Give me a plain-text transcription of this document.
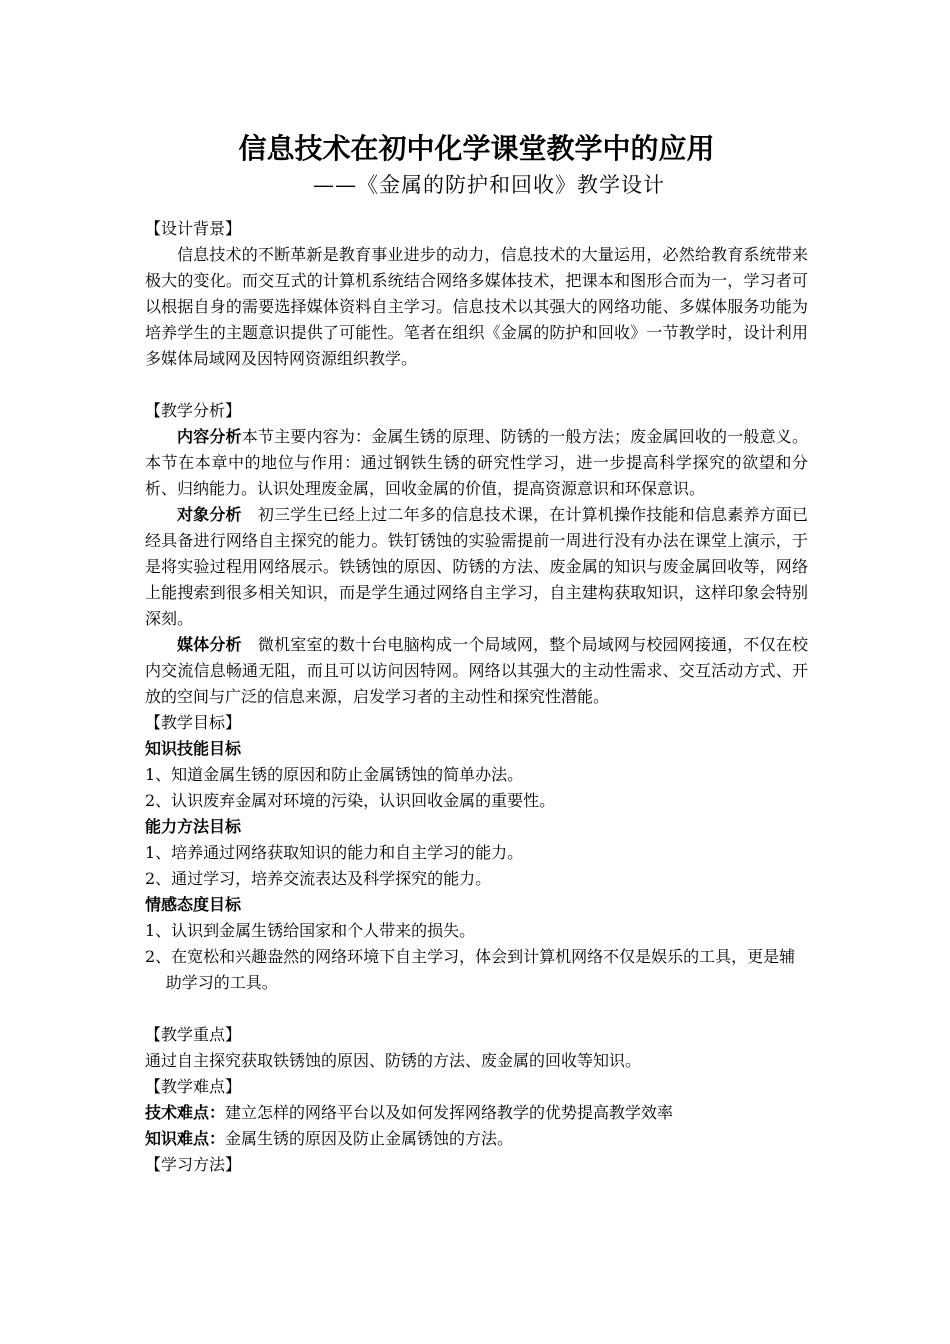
信息技术在初中化学课堂教学中的应用
——《金属的防护和回收》教学设计

【设计背景】

信息技术的不断革新是教育事业进步的动力，信息技术的大量运用，必然给教育系统带来极大的变化。而交互式的计算机系统结合网络多媒体技术，把课本和图形合而为一，学习者可以根据自身的需要选择媒体资料自主学习。信息技术以其强大的网络功能、多媒体服务功能为培养学生的主题意识提供了可能性。笔者在组织《金属的防护和回收》一节教学时，设计利用多媒体局域网及因特网资源组织教学。

【教学分析】

内容分析本节主要内容为：金属生锈的原理、防锈的一般方法；废金属回收的一般意义。本节在本章中的地位与作用：通过钢铁生锈的研究性学习，进一步提高科学探究的欲望和分析、归纳能力。认识处理废金属，回收金属的价值，提高资源意识和环保意识。

对象分析　初三学生已经上过二年多的信息技术课，在计算机操作技能和信息素养方面已经具备进行网络自主探究的能力。铁钉锈蚀的实验需提前一周进行没有办法在课堂上演示，于是将实验过程用网络展示。铁锈蚀的原因、防锈的方法、废金属的知识与废金属回收等，网络上能搜索到很多相关知识，而是学生通过网络自主学习，自主建构获取知识，这样印象会特别深刻。

媒体分析　微机室室的数十台电脑构成一个局域网，整个局域网与校园网接通，不仅在校内交流信息畅通无阻，而且可以访问因特网。网络以其强大的主动性需求、交互活动方式、开放的空间与广泛的信息来源，启发学习者的主动性和探究性潜能。

【教学目标】

知识技能目标

1、知道金属生锈的原因和防止金属锈蚀的简单办法。

2、认识废弃金属对环境的污染，认识回收金属的重要性。

能力方法目标

1、培养通过网络获取知识的能力和自主学习的能力。

2、通过学习，培养交流表达及科学探究的能力。

情感态度目标

1、认识到金属生锈给国家和个人带来的损失。

2、在宽松和兴趣盎然的网络环境下自主学习，体会到计算机网络不仅是娱乐的工具，更是辅助学习的工具。

【教学重点】

通过自主探究获取铁锈蚀的原因、防锈的方法、废金属的回收等知识。

【教学难点】

技术难点：建立怎样的网络平台以及如何发挥网络教学的优势提高教学效率

知识难点：金属生锈的原因及防止金属锈蚀的方法。

【学习方法】
